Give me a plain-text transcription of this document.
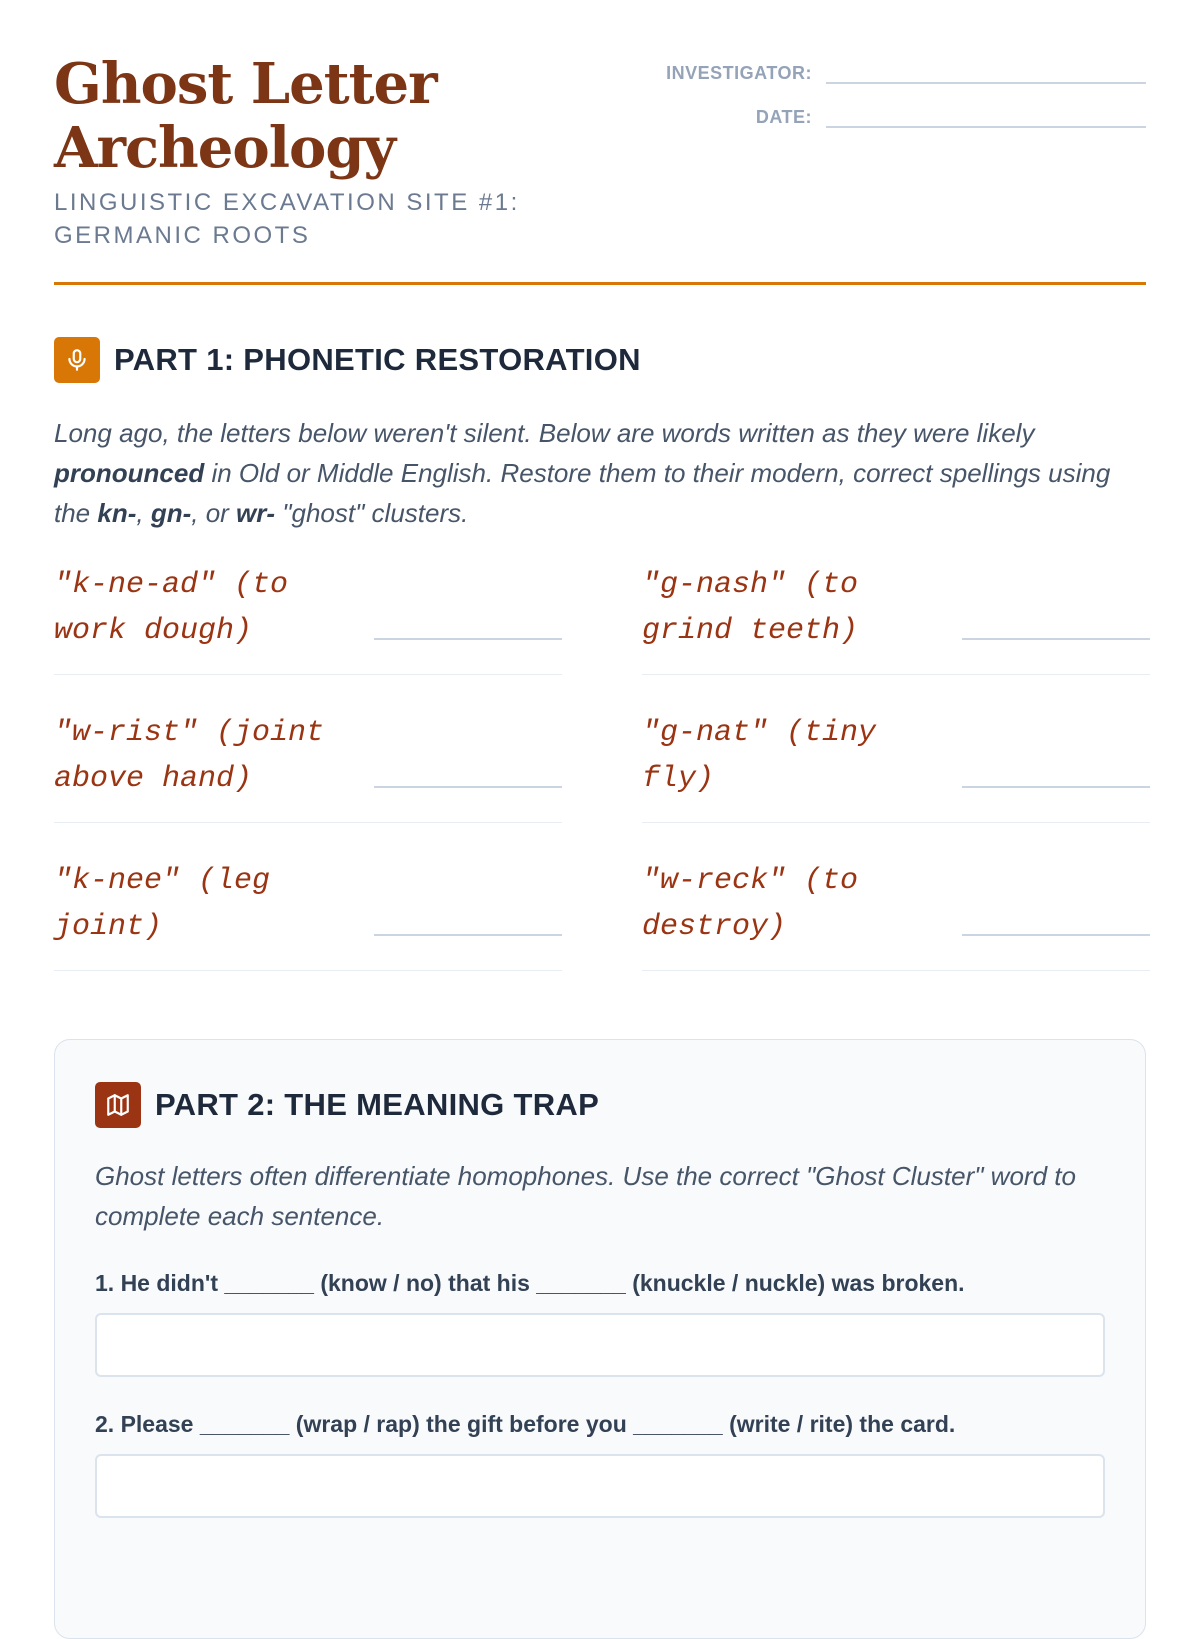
Ghost Letter Archeology
LINGUISTIC EXCAVATION SITE #1: GERMANIC ROOTS
INVESTIGATOR:
DATE:
PART 1: PHONETIC RESTORATION

Long ago, the letters below weren't silent. Below are words written as they were likely pronounced in Old or Middle English. Restore them to their modern, correct spellings using the kn-, gn-, or wr- "ghost" clusters.

"k-ne-ad" (to work dough)
"g-nash" (to grind teeth)
"w-rist" (joint above hand)
"g-nat" (tiny fly)
"k-nee" (leg joint)
"w-reck" (to destroy)
PART 2: THE MEANING TRAP

Ghost letters often differentiate homophones. Use the correct "Ghost Cluster" word to complete each sentence.

1. He didn't _______ (know / no) that his _______ (knuckle / nuckle) was broken.
2. Please _______ (wrap / rap) the gift before you _______ (write / rite) the card.
